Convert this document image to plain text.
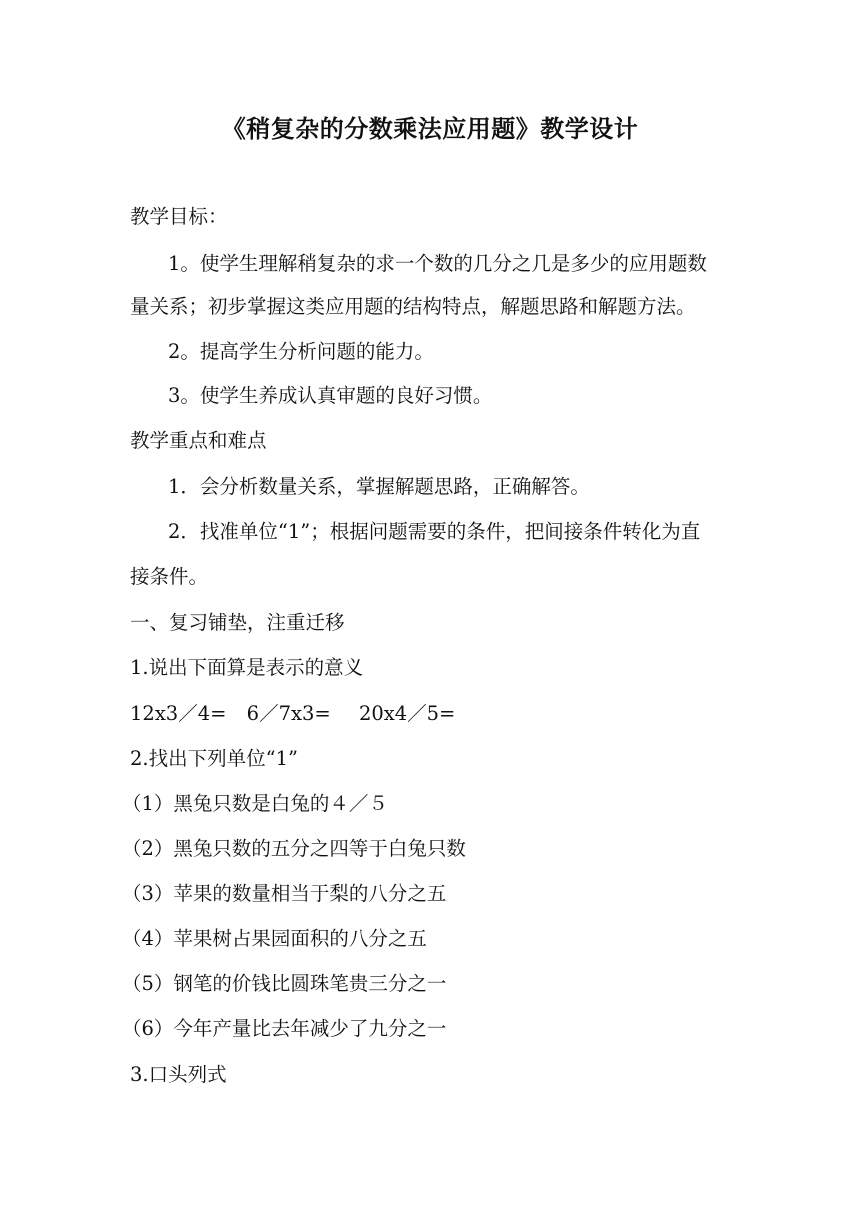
《稍复杂的分数乘法应用题》教学设计
教学目标：
1。使学生理解稍复杂的求一个数的几分之几是多少的应用题数
量关系；初步掌握这类应用题的结构特点，解题思路和解题方法。
2。提高学生分析问题的能力。
3。使学生养成认真审题的良好习惯。
教学重点和难点
1．会分析数量关系，掌握解题思路，正确解答。
2．找准单位“1”；根据问题需要的条件，把间接条件转化为直
接条件。
一、复习铺垫，注重迁移
1.说出下面算是表示的意义
12x3／4= 6／7x3= 20x4／5=
2.找出下列单位“1”
（1）黑兔只数是白兔的４／５
（2）黑兔只数的五分之四等于白兔只数
（3）苹果的数量相当于梨的八分之五
（4）苹果树占果园面积的八分之五
（5）钢笔的价钱比圆珠笔贵三分之一
（6）今年产量比去年减少了九分之一
3.口头列式
